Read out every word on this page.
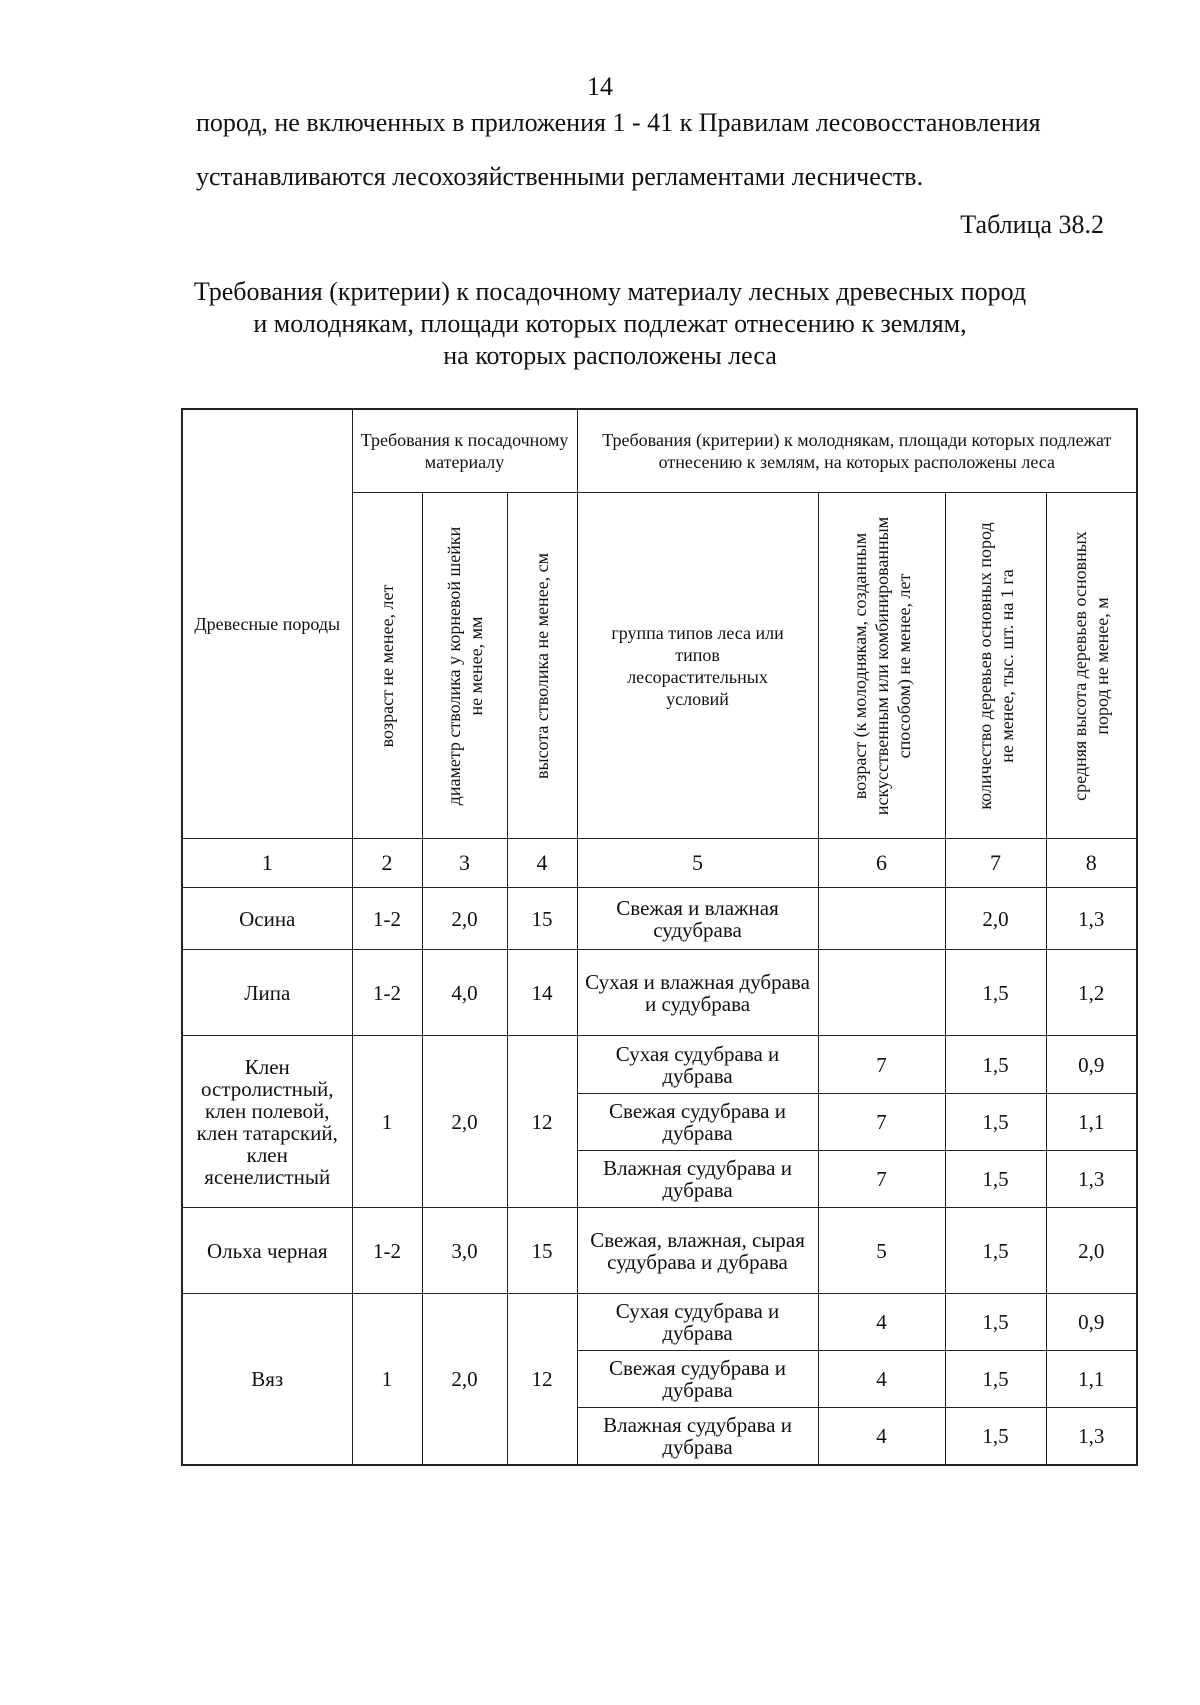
14
пород, не включенных в приложения 1 - 41 к Правилам лесовосстановления
устанавливаются лесохозяйственными регламентами лесничеств.
Таблица 38.2
Требования (критерии) к посадочному материалу лесных древесных пород
и молоднякам, площади которых подлежат отнесению к землям,
на которых расположены леса
Древесные породы	Требования к посадочному материалу			Требования (критерии) к молоднякам, площади которых подлежат отнесению к землям, на которых расположены леса			

	возраст не менее, лет	диаметр стволика у корневой шейки не менее, мм	высота стволика не менее, см	группа типов леса или типов лесорастительных условий	возраст (к молоднякам, созданным искусственным или комбинированным способом) не менее, лет	количество деревьев основных пород не менее, тыс. шт. на 1 га	средняя высота деревьев основных пород не менее, м

1	2	3	4	5	6	7	8
Осина	1-2	2,0	15	Свежая и влажная судубрава		2,0	1,3
Липа	1-2	4,0	14	Сухая и влажная дубрава и судубрава		1,5	1,2
Клен остролистный, клен полевой, клен татарский, клен ясенелистный	1	2,0	12	Сухая судубрава и дубрава	7	1,5	0,9
				Свежая судубрава и дубрава	7	1,5	1,1
				Влажная судубрава и дубрава	7	1,5	1,3
Ольха черная	1-2	3,0	15	Свежая, влажная, сырая судубрава и дубрава	5	1,5	2,0
Вяз	1	2,0	12	Сухая судубрава и дубрава	4	1,5	0,9
				Свежая судубрава и дубрава	4	1,5	1,1
				Влажная судубрава и дубрава	4	1,5	1,3
